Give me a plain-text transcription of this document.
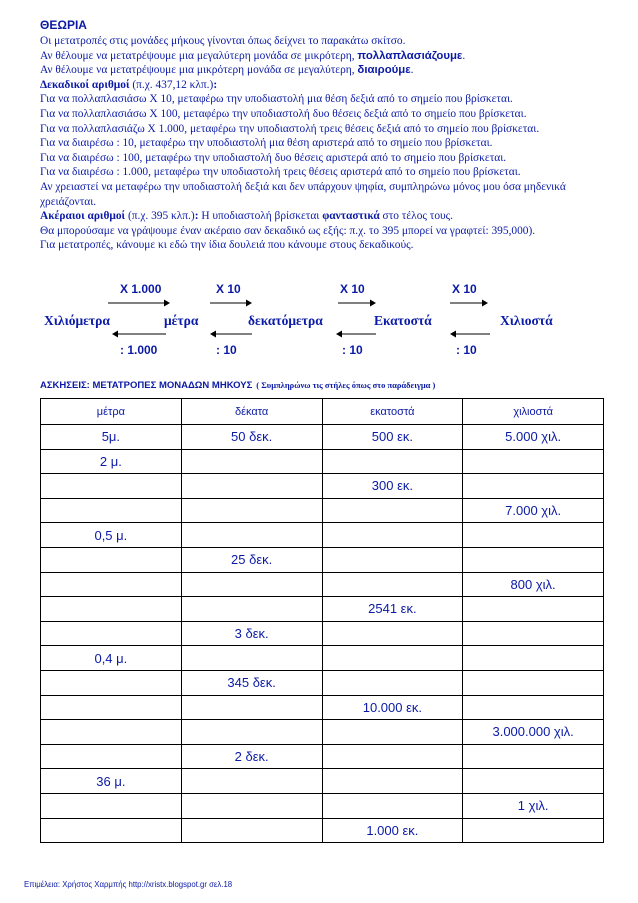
ΘΕΩΡΙΑ
Οι μετατροπές στις μονάδες μήκους γίνονται όπως δείχνει το παρακάτω σκίτσο.
Αν θέλουμε να μετατρέψουμε μια μεγαλύτερη μονάδα σε μικρότερη, πολλαπλασιάζουμε.
Αν θέλουμε να μετατρέψουμε μια μικρότερη μονάδα σε μεγαλύτερη, διαιρούμε.
Δεκαδικοί αριθμοί (π.χ. 437,12 κλπ.):
Για να πολλαπλασιάσω Χ 10, μεταφέρω την υποδιαστολή μια θέση δεξιά από το σημείο που βρίσκεται.
Για να πολλαπλασιάσω Χ 100, μεταφέρω την υποδιαστολή δυο θέσεις δεξιά από το σημείο που βρίσκεται.
Για να πολλαπλασιάζω Χ 1.000, μεταφέρω την υποδιαστολή τρεις θέσεις δεξιά από το σημείο που βρίσκεται.
Για να διαιρέσω : 10, μεταφέρω την υποδιαστολή μια θέση αριστερά από το σημείο που βρίσκεται.
Για να διαιρέσω : 100, μεταφέρω την υποδιαστολή δυο θέσεις αριστερά από το σημείο που βρίσκεται.
Για να διαιρέσω : 1.000, μεταφέρω την υποδιαστολή τρεις θέσεις αριστερά από το σημείο που βρίσκεται.
Αν χρειαστεί να μεταφέρω την υποδιαστολή δεξιά και δεν υπάρχουν ψηφία, συμπληρώνω μόνος μου όσα μηδενικά χρειάζονται.
Ακέραιοι αριθμοί (π.χ. 395 κλπ.): Η υποδιαστολή βρίσκεται φανταστικά στο τέλος τους.
Θα μπορούσαμε να γράψουμε έναν ακέραιο σαν δεκαδικό ως εξής: π.χ. το 395 μπορεί να γραφτεί: 395,000).
Για μετατροπές, κάνουμε κι εδώ την ίδια δουλειά που κάνουμε στους δεκαδικούς.
Χ 1.000	Χ 10	Χ 10	Χ 10
Χιλιόμετρα	μέτρα	δεκατόμετρα	Εκατοστά	Χιλιοστά
: 1.000	: 10	: 10	: 10
ΑΣΚΗΣΕΙΣ: ΜΕΤΑΤΡΟΠΕΣ ΜΟΝΑΔΩΝ ΜΗΚΟΥΣ ( Συμπληρώνω τις στήλες όπως στο παράδειγμα )
μέτρα	δέκατα	εκατοστά	χιλιοστά
5μ.	50 δεκ.	500 εκ.	5.000 χιλ.
2 μ.			
		300 εκ.	
			7.000 χιλ.
0,5 μ.			
	25 δεκ.		
			800 χιλ.
		2541 εκ.	
	3 δεκ.		
0,4 μ.			
	345 δεκ.		
		10.000 εκ.	
			3.000.000 χιλ.
	2 δεκ.		
36 μ.			
			1 χιλ.
		1.000 εκ.	
Επιμέλεια: Χρήστος Χαρμπής http://xristx.blogspot.gr σελ.18
